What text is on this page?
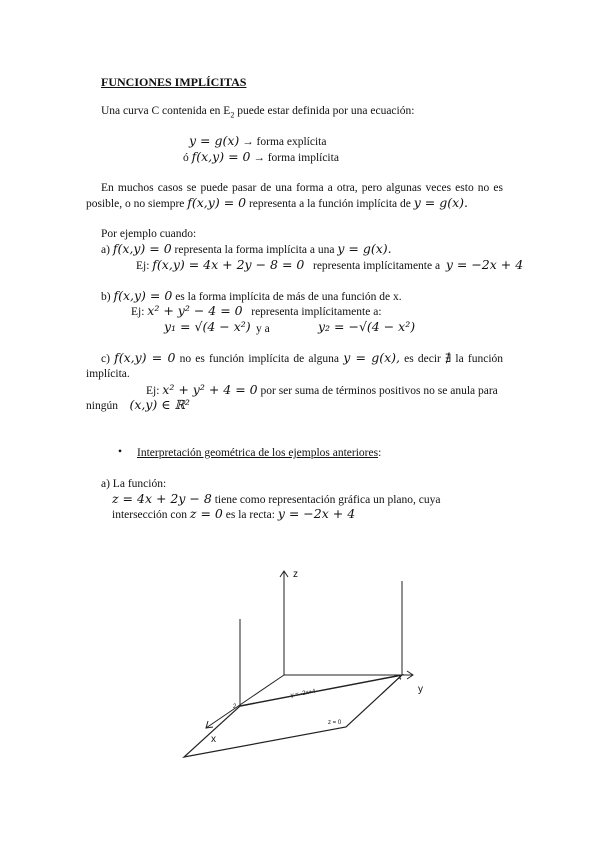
FUNCIONES IMPLÍCITAS
Una curva C contenida en $E_2$ puede estar definida por una ecuación:
y = g(x) → forma explícita
ó f(x,y) = 0 → forma implícita
En muchos casos se puede pasar de una forma a otra, pero algunas veces esto no es
posible, o no siempre f(x,y) = 0 representa a la función implícita de y = g(x).
Por ejemplo cuando:
a) f(x,y) = 0 representa la forma implícita a una y = g(x).
Ej: f(x,y) = 4x + 2y − 8 = 0 representa implícitamente a y = −2x + 4
b) f(x,y) = 0 es la forma implícita de más de una función de x.
Ej: x² + y² − 4 = 0 representa implícitamente a:
y₁ = √(4 − x²) y a	y₂ = −√(4 − x²)
c) f(x,y) = 0 no es función implícita de alguna y = g(x), es decir ∄ la función
implícita.
Ej: x² + y² + 4 = 0 por ser suma de términos positivos no se anula para
ningún (x,y) ∈ ℝ²
• Interpretación geométrica de los ejemplos anteriores:
a) La función:
z = 4x + 2y − 8 tiene como representación gráfica un plano, cuya
intersección con z = 0 es la recta: y = −2x + 4
z
y
x
4
2
y = -2x+4
z = 0
